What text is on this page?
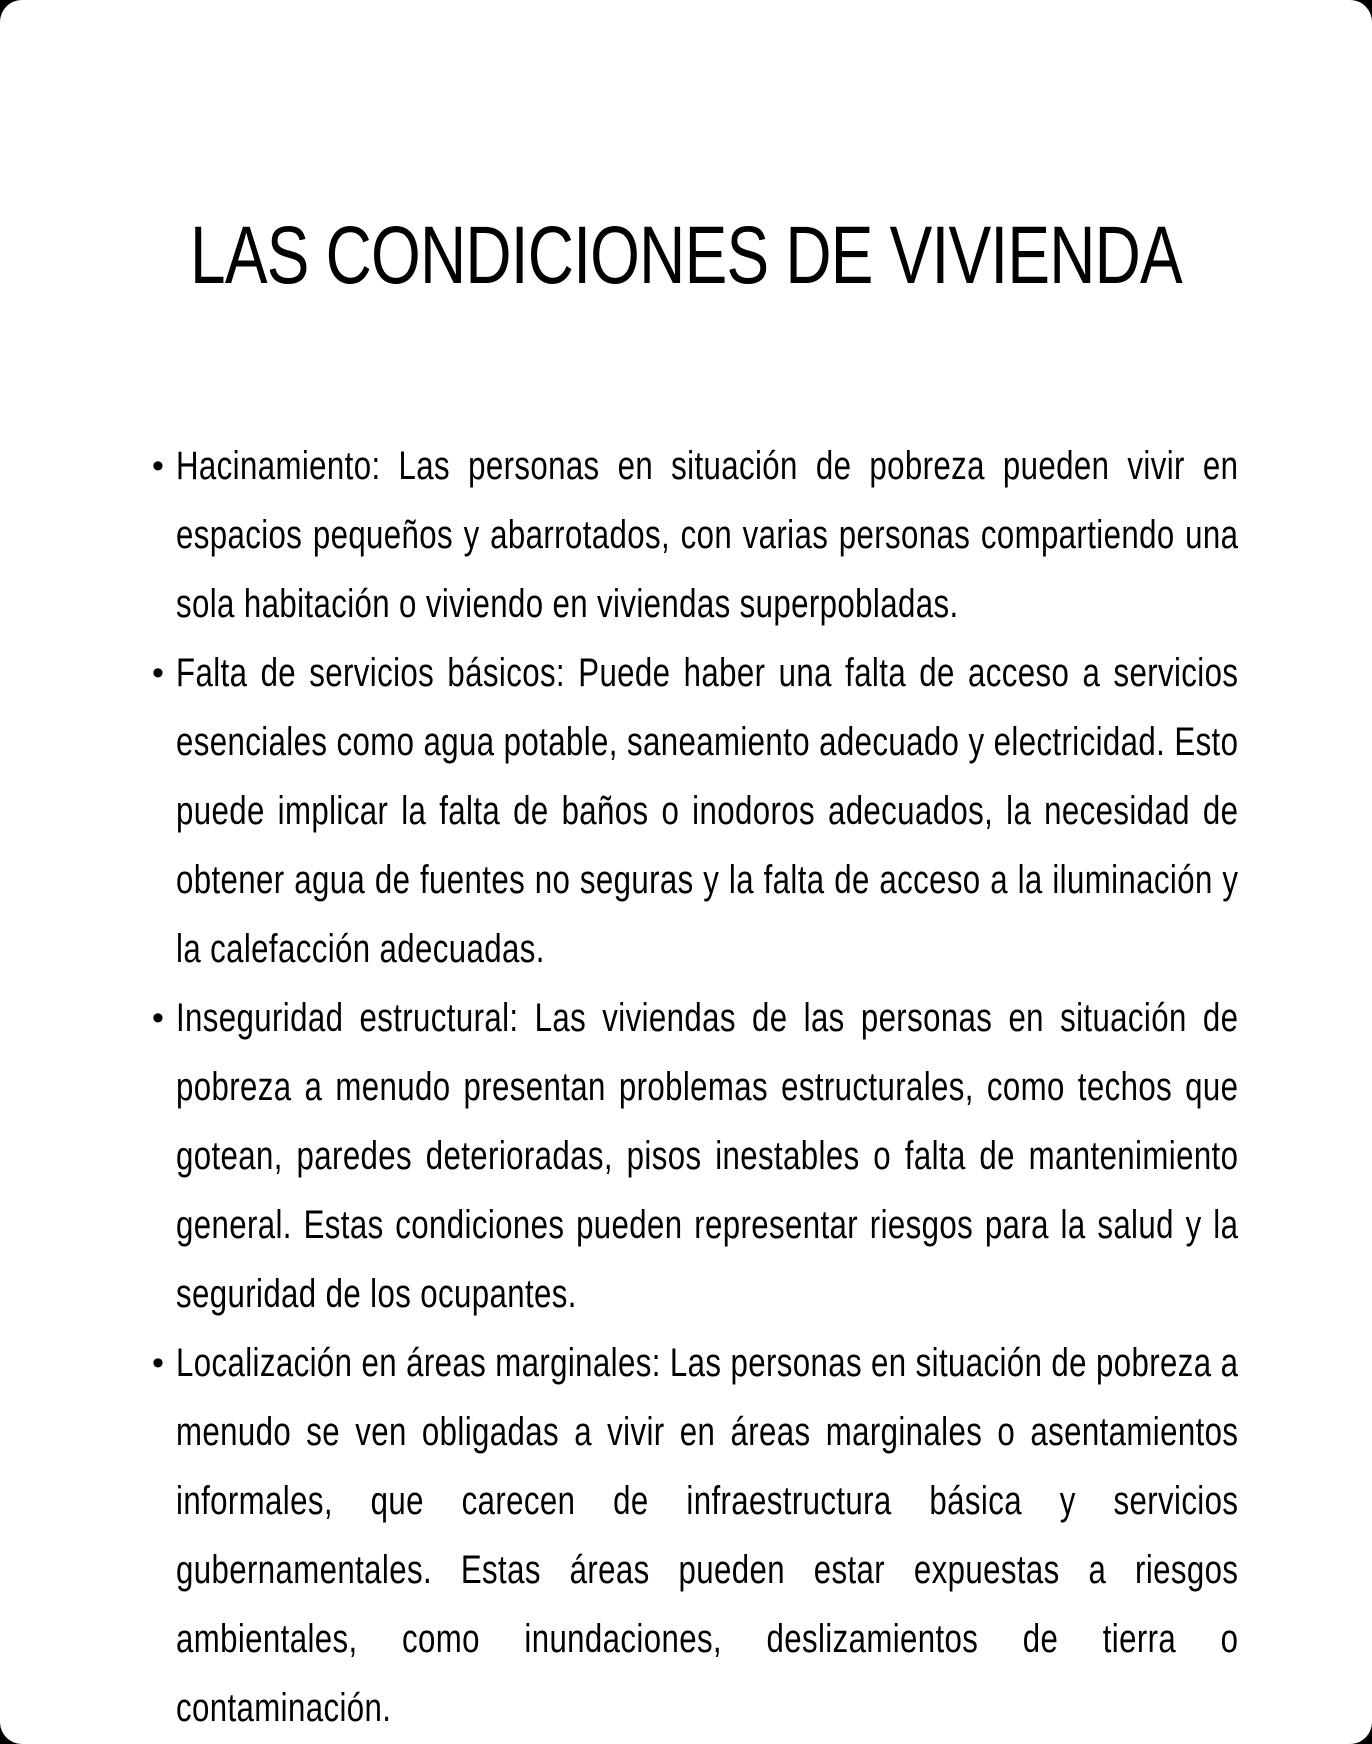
LAS CONDICIONES DE VIVIENDA
• Hacinamiento: Las personas en situación de pobreza pueden vivir en espacios pequeños y abarrotados, con varias personas compartiendo una sola habitación o viviendo en viviendas superpobladas.
• Falta de servicios básicos: Puede haber una falta de acceso a servicios esenciales como agua potable, saneamiento adecuado y electricidad. Esto puede implicar la falta de baños o inodoros adecuados, la necesidad de obtener agua de fuentes no seguras y la falta de acceso a la iluminación y la calefacción adecuadas.
• Inseguridad estructural: Las viviendas de las personas en situación de pobreza a menudo presentan problemas estructurales, como techos que gotean, paredes deterioradas, pisos inestables o falta de mantenimiento general. Estas condiciones pueden representar riesgos para la salud y la seguridad de los ocupantes.
• Localización en áreas marginales: Las personas en situación de pobreza a menudo se ven obligadas a vivir en áreas marginales o asentamientos informales, que carecen de infraestructura básica y servicios gubernamentales. Estas áreas pueden estar expuestas a riesgos ambientales, como inundaciones, deslizamientos de tierra o contaminación.
